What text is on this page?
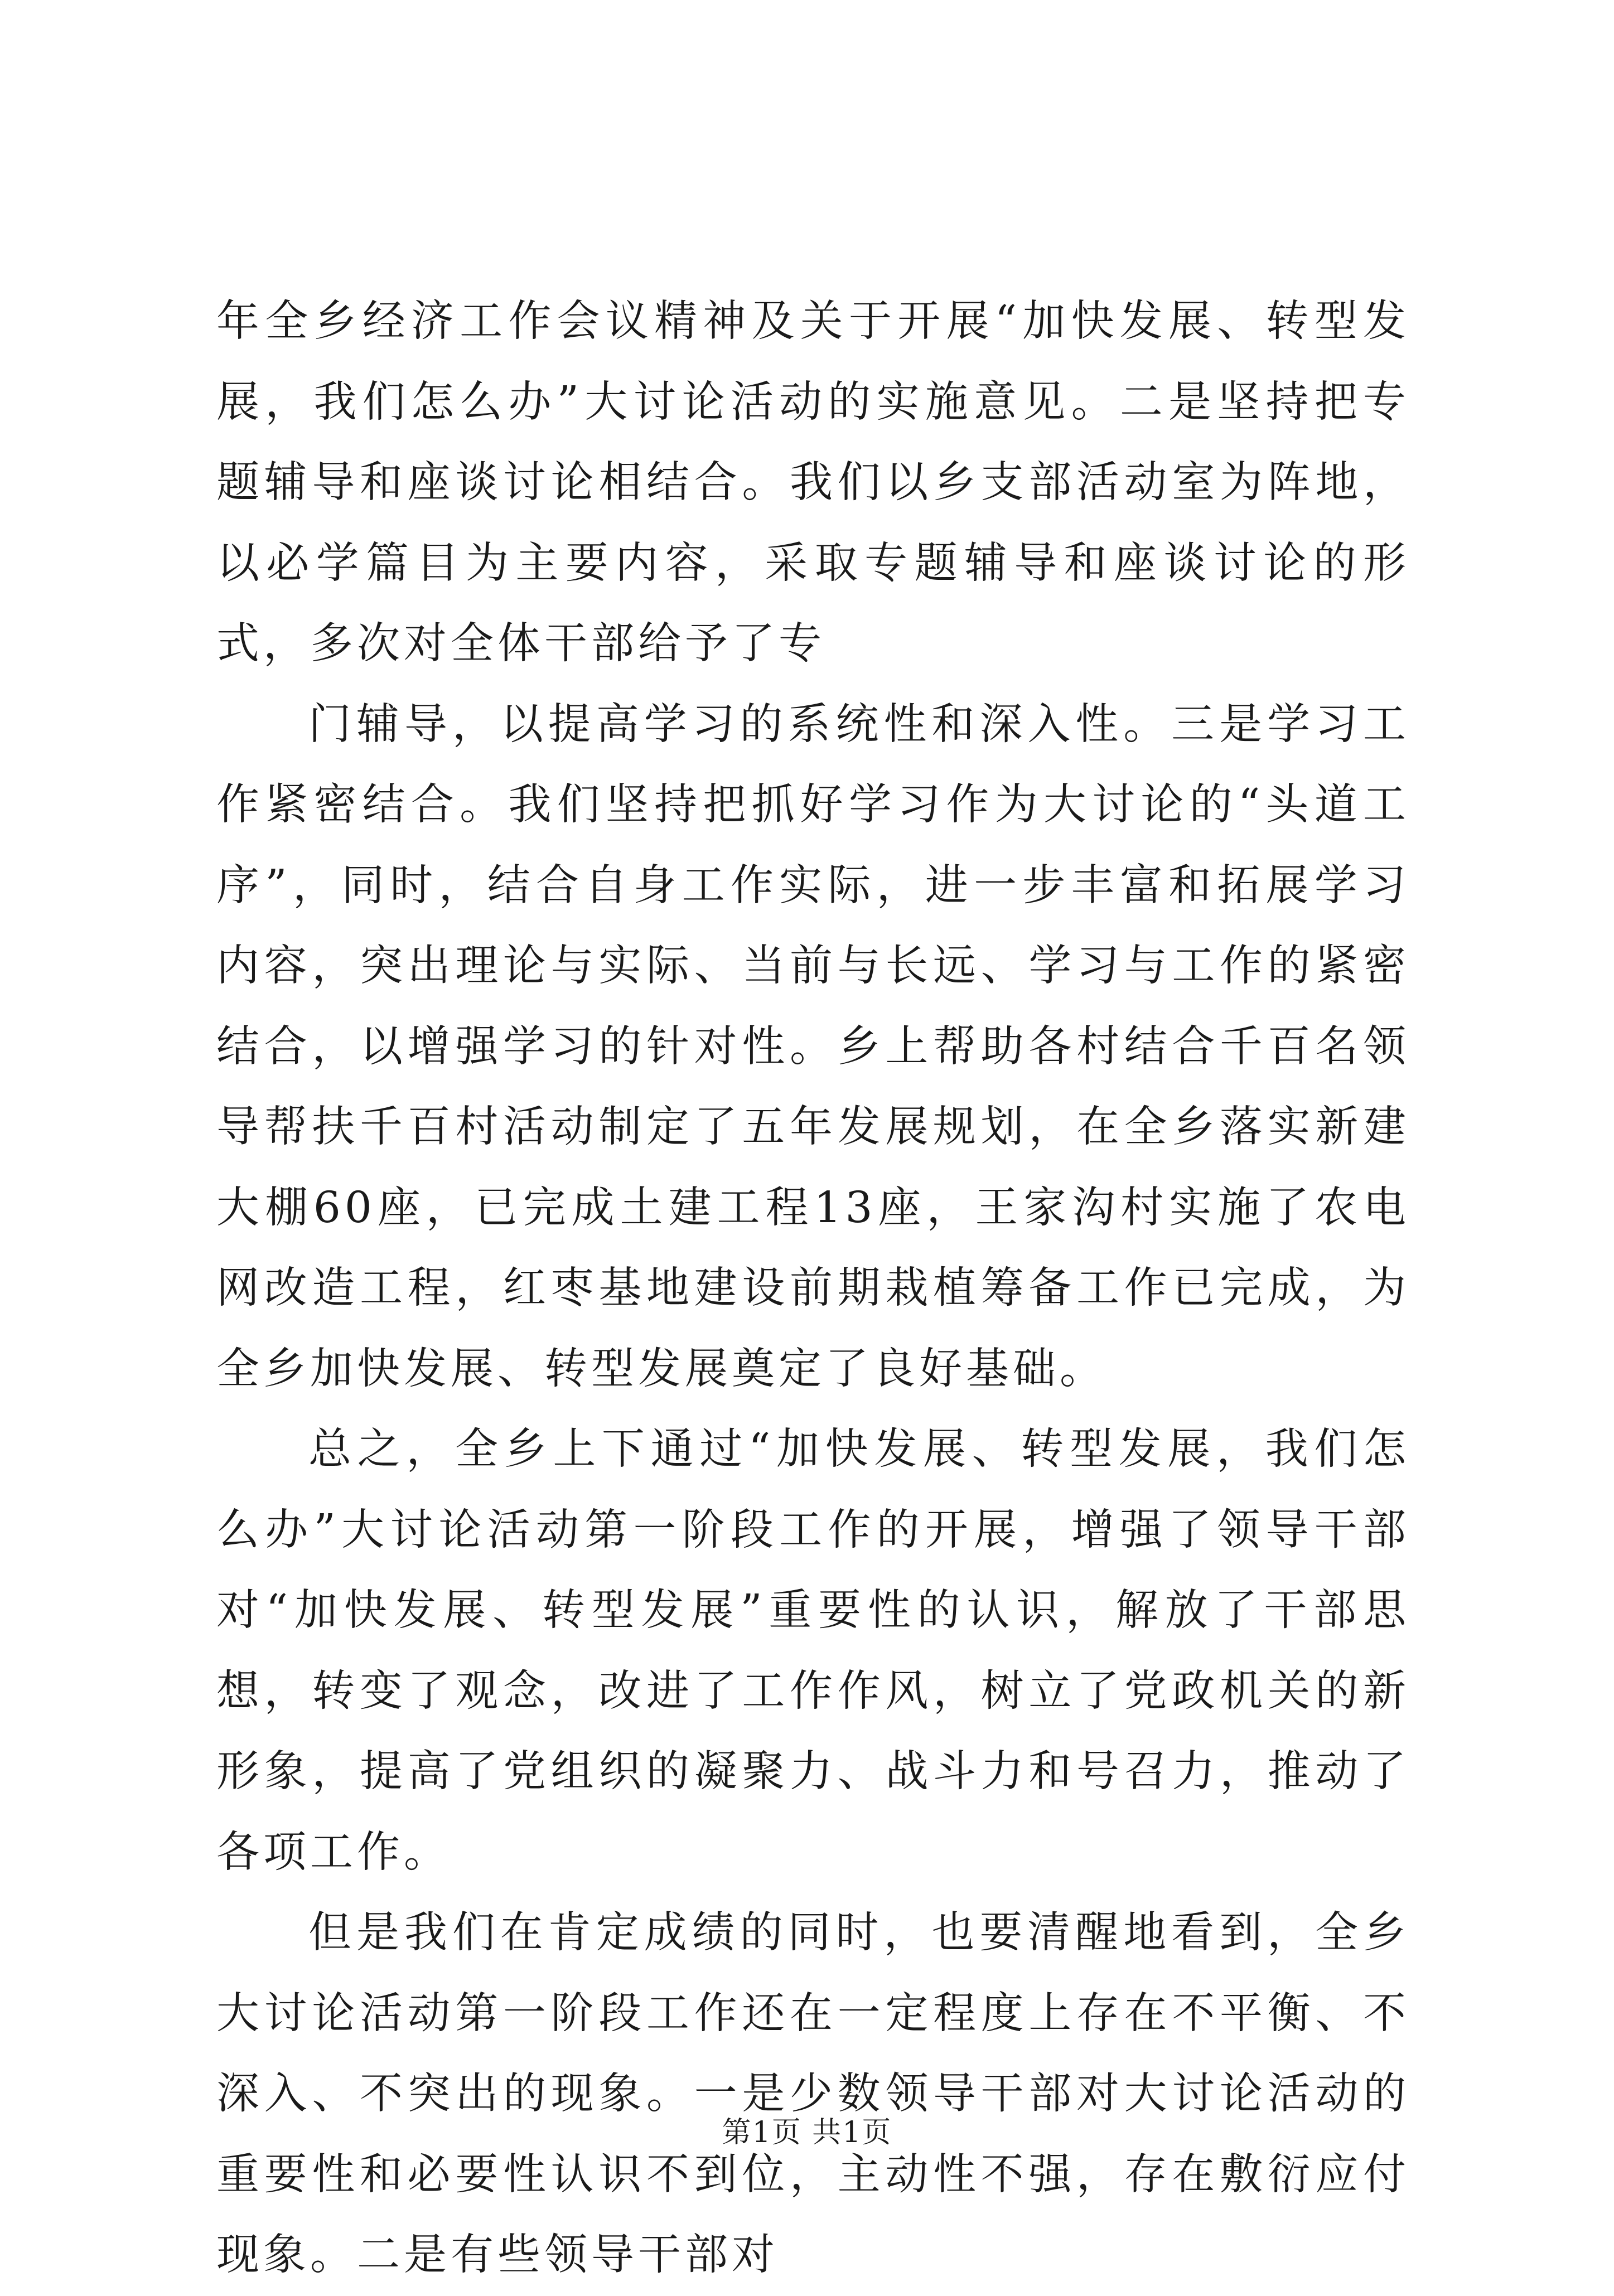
年全乡经济工作会议精神及关于开展“加快发展、转型发展，我们怎么办”大讨论活动的实施意见。二是坚持把专题辅导和座谈讨论相结合。我们以乡支部活动室为阵地，以必学篇目为主要内容，采取专题辅导和座谈讨论的形式，多次对全体干部给予了专

门辅导，以提高学习的系统性和深入性。三是学习工作紧密结合。我们坚持把抓好学习作为大讨论的“头道工序”，同时，结合自身工作实际，进一步丰富和拓展学习内容，突出理论与实际、当前与长远、学习与工作的紧密结合，以增强学习的针对性。乡上帮助各村结合千百名领导帮扶千百村活动制定了五年发展规划，在全乡落实新建大棚60座，已完成土建工程13座，王家沟村实施了农电网改造工程，红枣基地建设前期栽植筹备工作已完成，为全乡加快发展、转型发展奠定了良好基础。

总之，全乡上下通过“加快发展、转型发展，我们怎么办”大讨论活动第一阶段工作的开展，增强了领导干部对“加快发展、转型发展”重要性的认识，解放了干部思想，转变了观念，改进了工作作风，树立了党政机关的新形象，提高了党组织的凝聚力、战斗力和号召力，推动了各项工作。

但是我们在肯定成绩的同时，也要清醒地看到，全乡大讨论活动第一阶段工作还在一定程度上存在不平衡、不深入、不突出的现象。一是少数领导干部对大讨论活动的重要性和必要性认识不到位，主动性不强，存在敷衍应付现象。二是有些领导干部对

第1页 共1页
